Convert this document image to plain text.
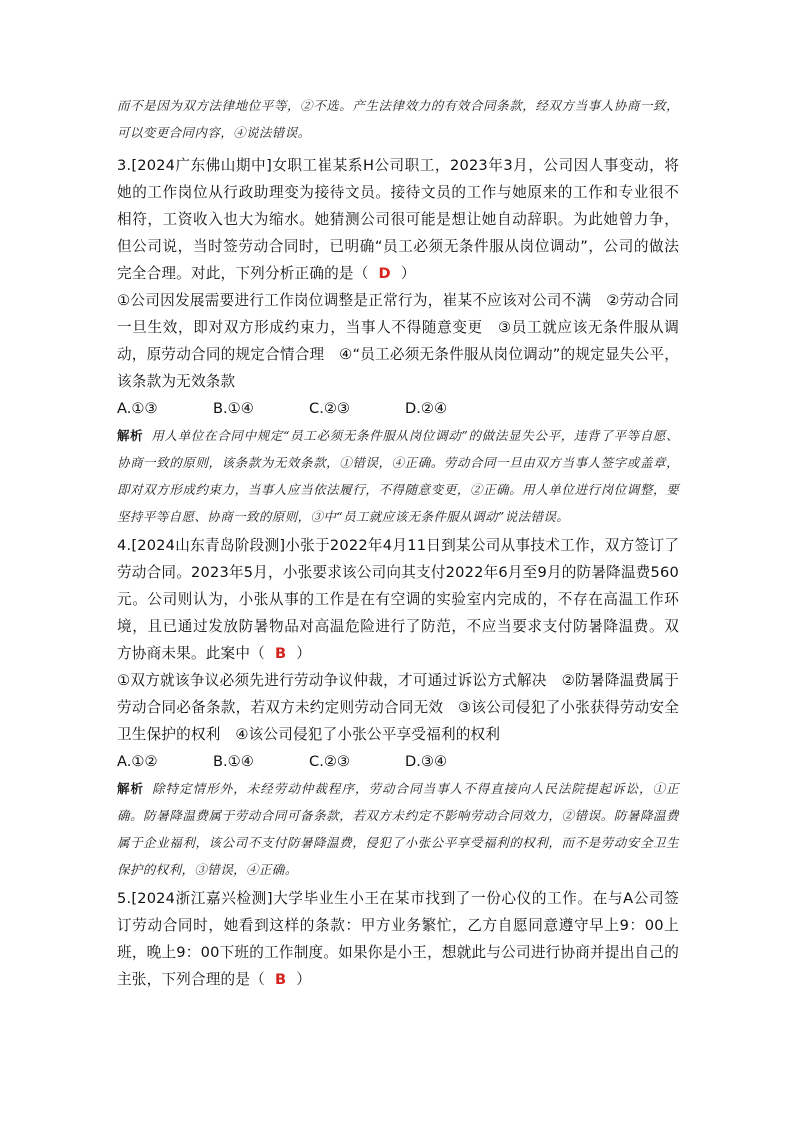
而不是因为双方法律地位平等，②不选。产生法律效力的有效合同条款，经双方当事人协商一致，可以变更合同内容，④说法错误。

3.[2024广东佛山期中]女职工崔某系H公司职工，2023年3月，公司因人事变动，将她的工作岗位从行政助理变为接待文员。接待文员的工作与她原来的工作和专业很不相符，工资收入也大为缩水。她猜测公司很可能是想让她自动辞职。为此她曾力争，但公司说，当时签劳动合同时，已明确“员工必须无条件服从岗位调动”，公司的做法完全合理。对此，下列分析正确的是（ D ）

①公司因发展需要进行工作岗位调整是正常行为，崔某不应该对公司不满　②劳动合同一旦生效，即对双方形成约束力，当事人不得随意变更　③员工就应该无条件服从调动，原劳动合同的规定合情合理　④“员工必须无条件服从岗位调动”的规定显失公平，该条款为无效条款

A.①③	B.①④	C.②③	D.②④

解析 用人单位在合同中规定“员工必须无条件服从岗位调动”的做法显失公平，违背了平等自愿、协商一致的原则，该条款为无效条款，①错误，④正确。劳动合同一旦由双方当事人签字或盖章，即对双方形成约束力，当事人应当依法履行，不得随意变更，②正确。用人单位进行岗位调整，要坚持平等自愿、协商一致的原则，③中“员工就应该无条件服从调动”说法错误。

4.[2024山东青岛阶段测]小张于2022年4月11日到某公司从事技术工作，双方签订了劳动合同。2023年5月，小张要求该公司向其支付2022年6月至9月的防暑降温费560元。公司则认为，小张从事的工作是在有空调的实验室内完成的，不存在高温工作环境，且已通过发放防暑物品对高温危险进行了防范，不应当要求支付防暑降温费。双方协商未果。此案中（ B ）

①双方就该争议必须先进行劳动争议仲裁，才可通过诉讼方式解决　②防暑降温费属于劳动合同必备条款，若双方未约定则劳动合同无效　③该公司侵犯了小张获得劳动安全卫生保护的权利　④该公司侵犯了小张公平享受福利的权利

A.①②	B.①④	C.②③	D.③④

解析 除特定情形外，未经劳动仲裁程序，劳动合同当事人不得直接向人民法院提起诉讼，①正确。防暑降温费属于劳动合同可备条款，若双方未约定不影响劳动合同效力，②错误。防暑降温费属于企业福利，该公司不支付防暑降温费，侵犯了小张公平享受福利的权利，而不是劳动安全卫生保护的权利，③错误，④正确。

5.[2024浙江嘉兴检测]大学毕业生小王在某市找到了一份心仪的工作。在与A公司签订劳动合同时，她看到这样的条款：甲方业务繁忙，乙方自愿同意遵守早上9：00上班，晚上9：00下班的工作制度。如果你是小王，想就此与公司进行协商并提出自己的主张，下列合理的是（ B ）
